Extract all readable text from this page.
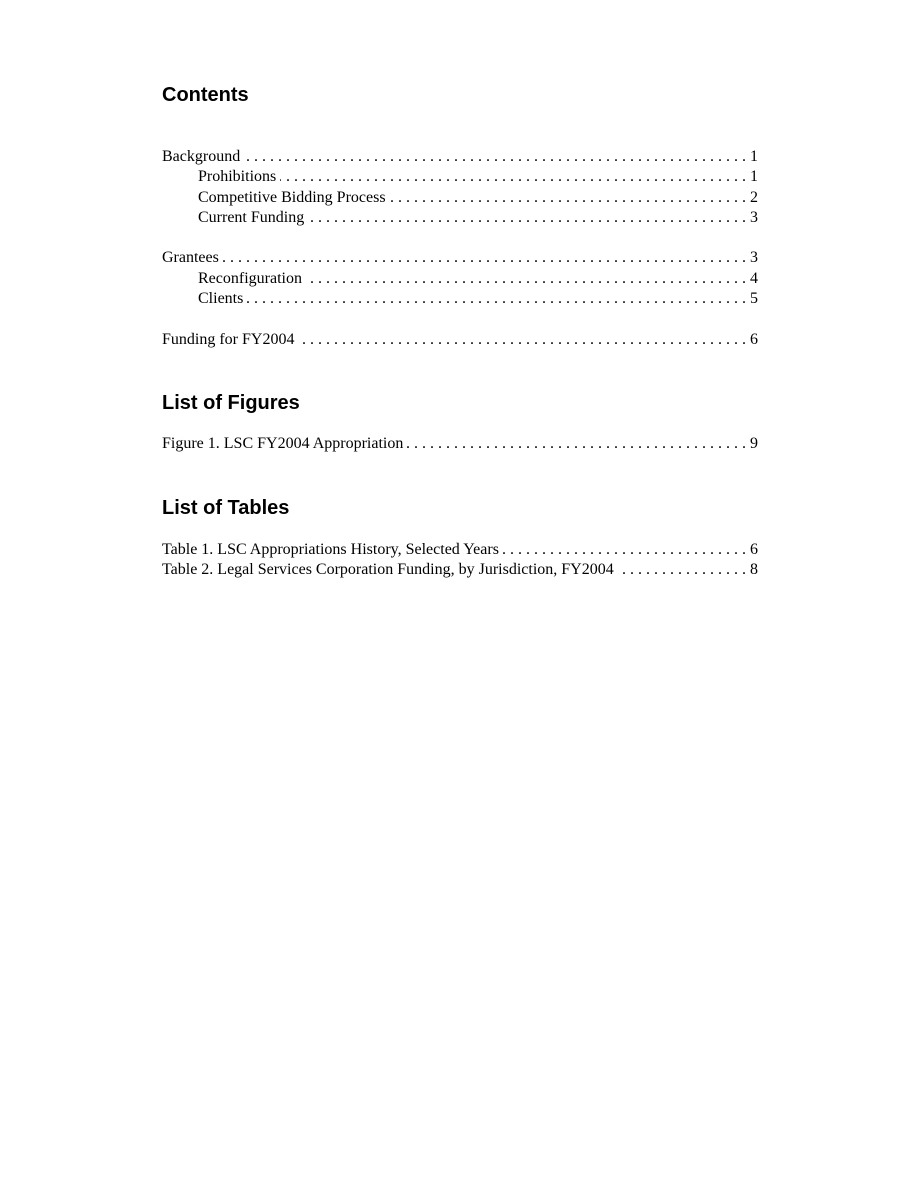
Contents
Background . . .	1
Prohibitions . . .	1
Competitive Bidding Process . . .	2
Current Funding . . .	3
Grantees . . .	3
Reconfiguration . . .	4
Clients . . .	5
Funding for FY2004 . . .	6
List of Figures
Figure 1. LSC FY2004 Appropriation . . .	9
List of Tables
Table 1. LSC Appropriations History, Selected Years . . .	6
Table 2. Legal Services Corporation Funding, by Jurisdiction, FY2004 . . .	8
